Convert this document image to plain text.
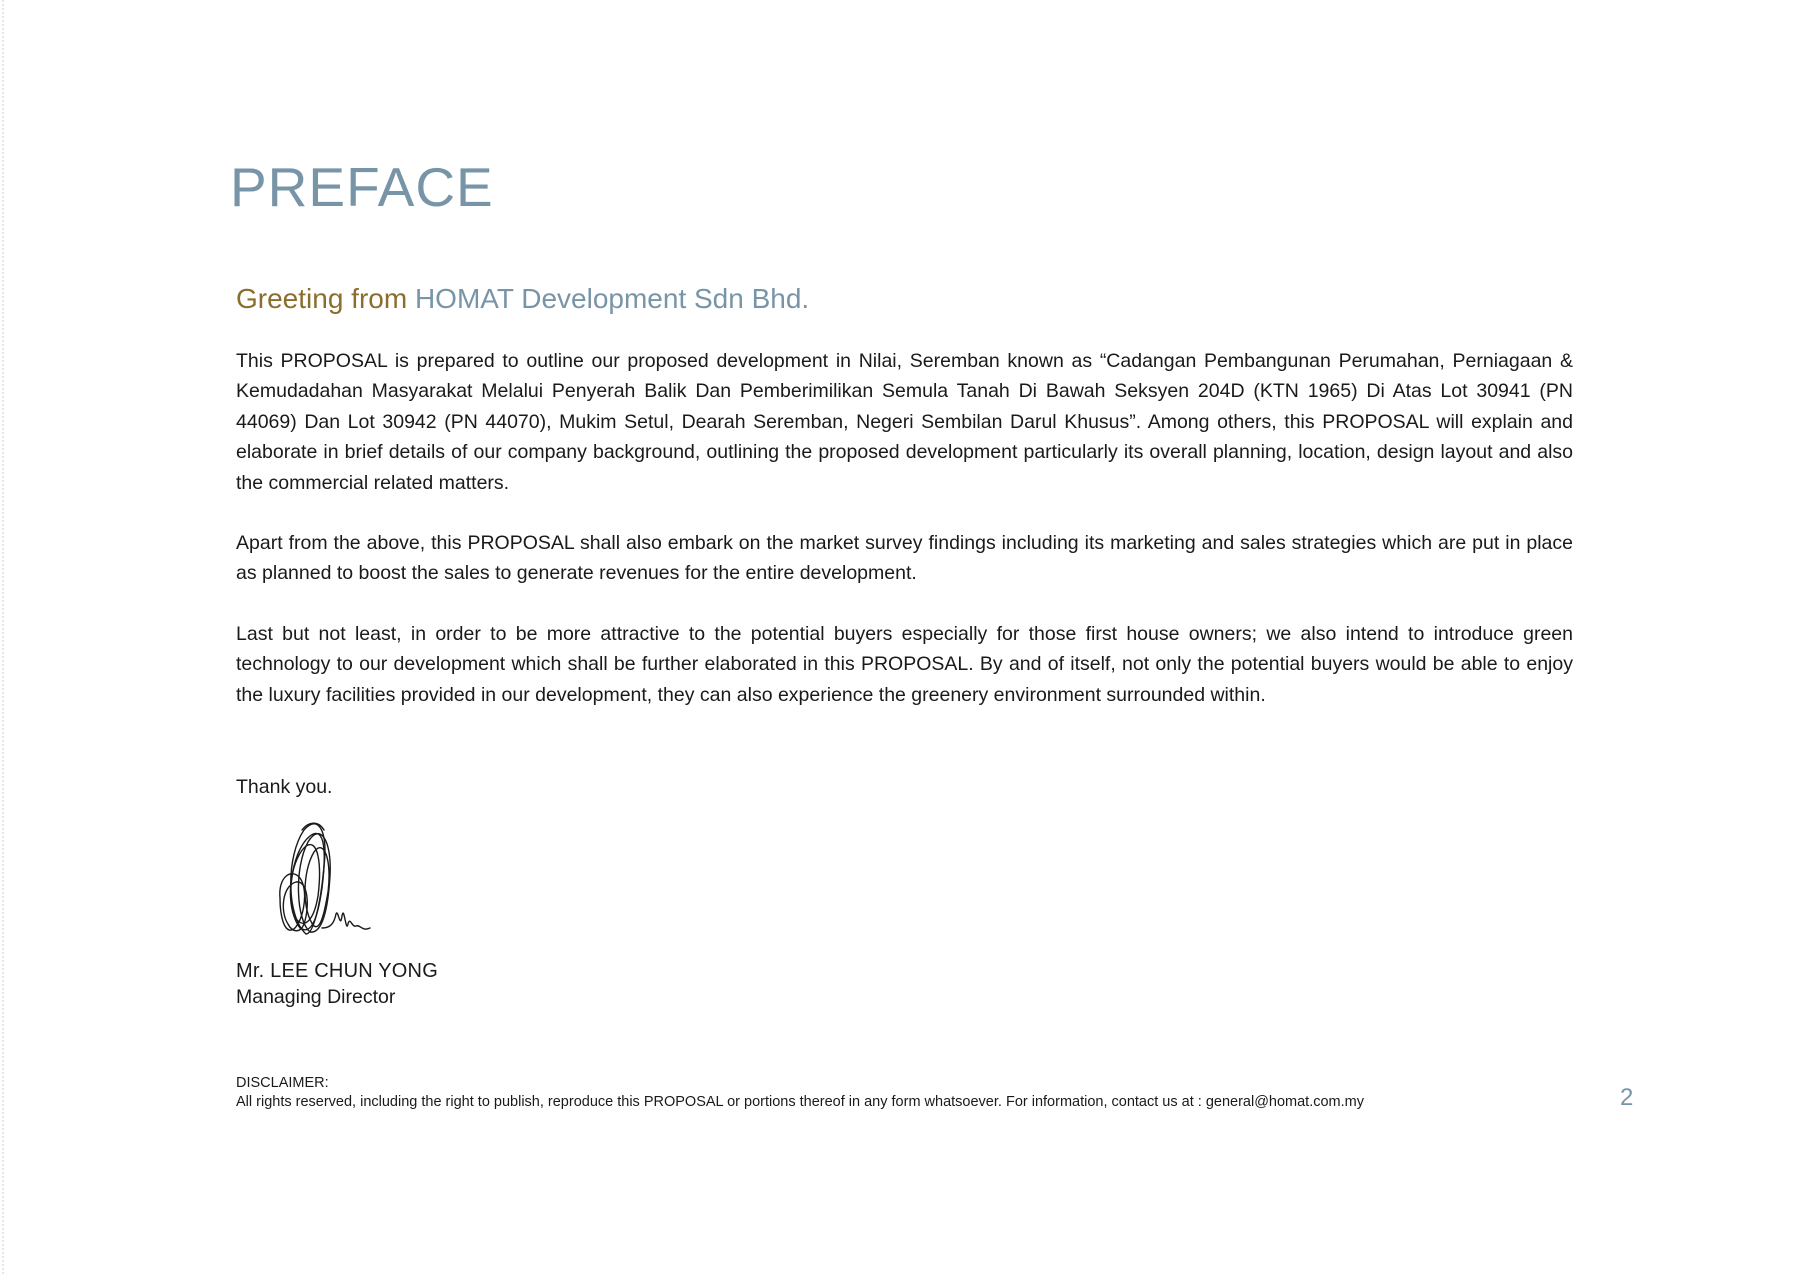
PREFACE
Greeting from HOMAT Development Sdn Bhd.

This PROPOSAL is prepared to outline our proposed development in Nilai, Seremban known as “Cadangan Pembangunan Perumahan, Perniagaan & Kemudadahan Masyarakat Melalui Penyerah Balik Dan Pemberimilikan Semula Tanah Di Bawah Seksyen 204D (KTN 1965) Di Atas Lot 30941 (PN 44069) Dan Lot 30942 (PN 44070), Mukim Setul, Dearah Seremban, Negeri Sembilan Darul Khusus”. Among others, this PROPOSAL will explain and elaborate in brief details of our company background, outlining the proposed development particularly its overall planning, location, design layout and also the commercial related matters.

Apart from the above, this PROPOSAL shall also embark on the market survey findings including its marketing and sales strategies which are put in place as planned to boost the sales to generate revenues for the entire development.

Last but not least, in order to be more attractive to the potential buyers especially for those first house owners; we also intend to introduce green technology to our development which shall be further elaborated in this PROPOSAL. By and of itself, not only the potential buyers would be able to enjoy the luxury facilities provided in our development, they can also experience the greenery environment surrounded within.

Thank you.

Mr. LEE CHUN YONG

Managing Director

DISCLAIMER:

All rights reserved, including the right to publish, reproduce this PROPOSAL or portions thereof in any form whatsoever. For information, contact us at : general@homat.com.my	2
